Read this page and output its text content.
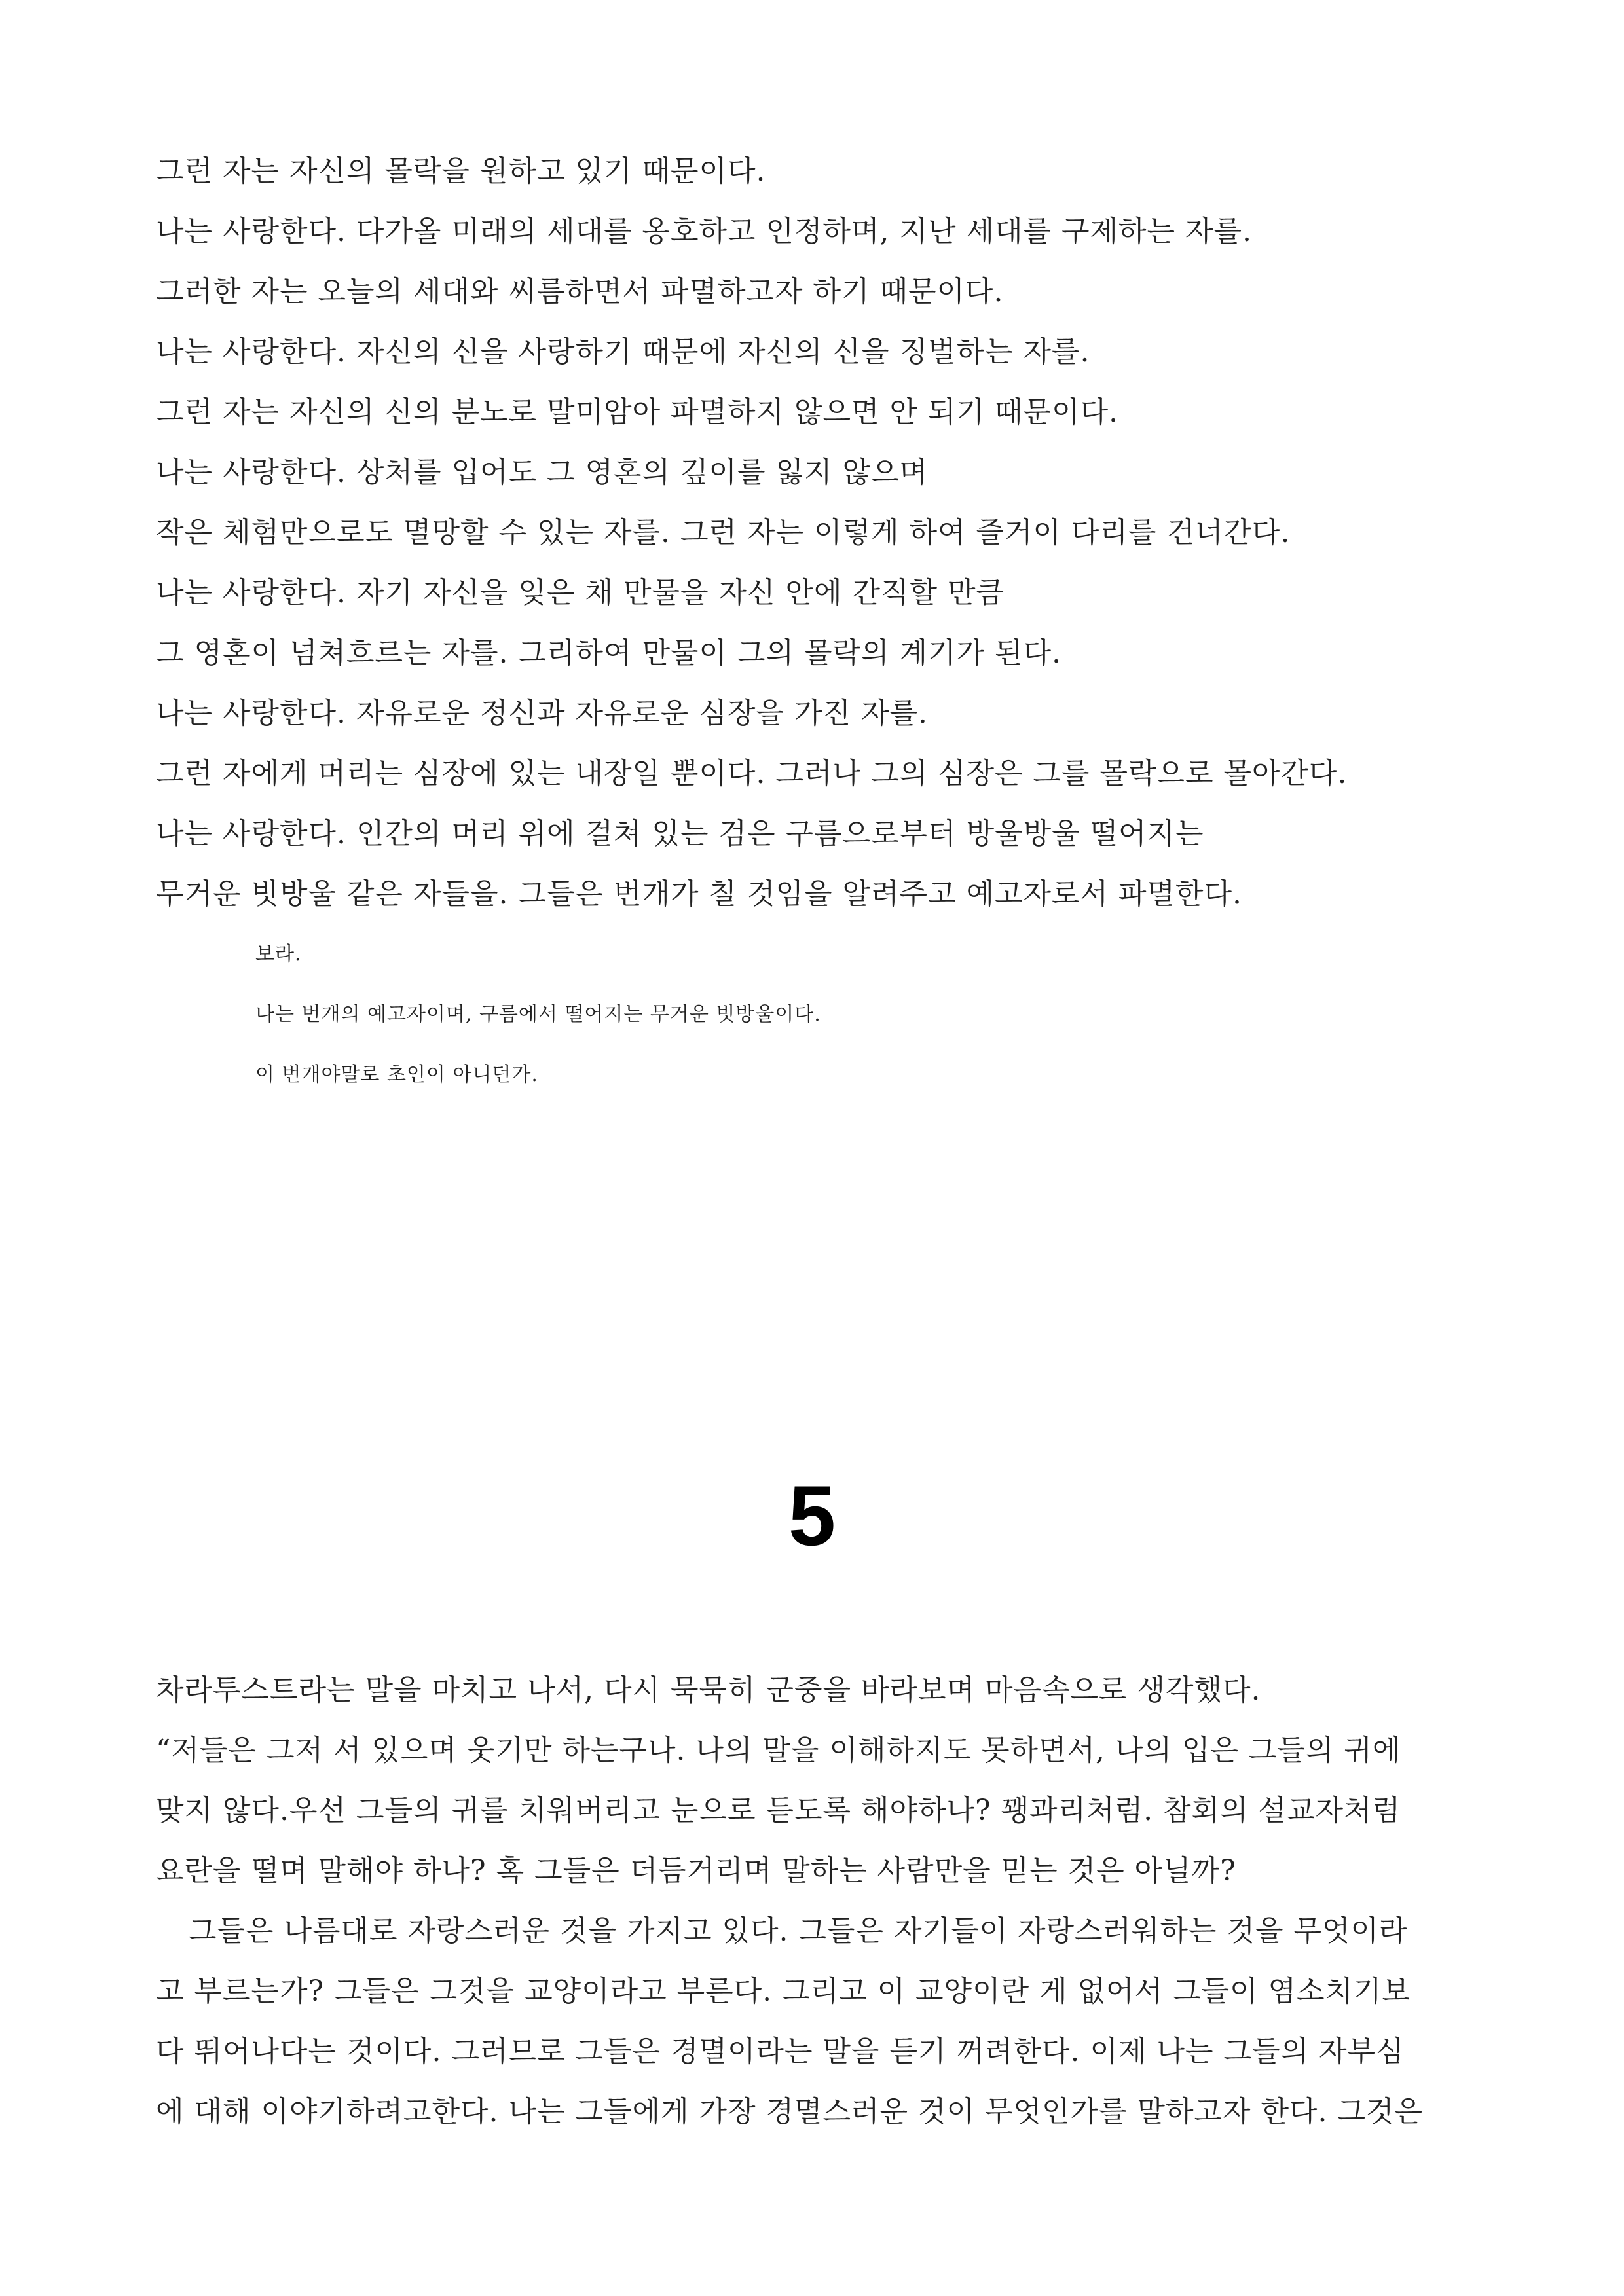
그런 자는 자신의 몰락을 원하고 있기 때문이다.
나는 사랑한다. 다가올 미래의 세대를 옹호하고 인정하며, 지난 세대를 구제하는 자를.
그러한 자는 오늘의 세대와 씨름하면서 파멸하고자 하기 때문이다.
나는 사랑한다. 자신의 신을 사랑하기 때문에 자신의 신을 징벌하는 자를.
그런 자는 자신의 신의 분노로 말미암아 파멸하지 않으면 안 되기 때문이다.
나는 사랑한다. 상처를 입어도 그 영혼의 깊이를 잃지 않으며
작은 체험만으로도 멸망할 수 있는 자를. 그런 자는 이렇게 하여 즐거이 다리를 건너간다.
나는 사랑한다. 자기 자신을 잊은 채 만물을 자신 안에 간직할 만큼
그 영혼이 넘쳐흐르는 자를. 그리하여 만물이 그의 몰락의 계기가 된다.
나는 사랑한다. 자유로운 정신과 자유로운 심장을 가진 자를.
그런 자에게 머리는 심장에 있는 내장일 뿐이다. 그러나 그의 심장은 그를 몰락으로 몰아간다.
나는 사랑한다. 인간의 머리 위에 걸쳐 있는 검은 구름으로부터 방울방울 떨어지는
무거운 빗방울 같은 자들을. 그들은 번개가 칠 것임을 알려주고 예고자로서 파멸한다.
보라.
나는 번개의 예고자이며, 구름에서 떨어지는 무거운 빗방울이다.
이 번개야말로 초인이 아니던가.
5
차라투스트라는 말을 마치고 나서, 다시 묵묵히 군중을 바라보며 마음속으로 생각했다.
“저들은 그저 서 있으며 웃기만 하는구나. 나의 말을 이해하지도 못하면서, 나의 입은 그들의 귀에
맞지 않다.우선 그들의 귀를 치워버리고 눈으로 듣도록 해야하나? 꽹과리처럼. 참회의 설교자처럼
요란을 떨며 말해야 하나? 혹 그들은 더듬거리며 말하는 사람만을 믿는 것은 아닐까?
그들은 나름대로 자랑스러운 것을 가지고 있다. 그들은 자기들이 자랑스러워하는 것을 무엇이라
고 부르는가? 그들은 그것을 교양이라고 부른다. 그리고 이 교양이란 게 없어서 그들이 염소치기보
다 뛰어나다는 것이다. 그러므로 그들은 경멸이라는 말을 듣기 꺼려한다. 이제 나는 그들의 자부심
에 대해 이야기하려고한다. 나는 그들에게 가장 경멸스러운 것이 무엇인가를 말하고자 한다. 그것은
